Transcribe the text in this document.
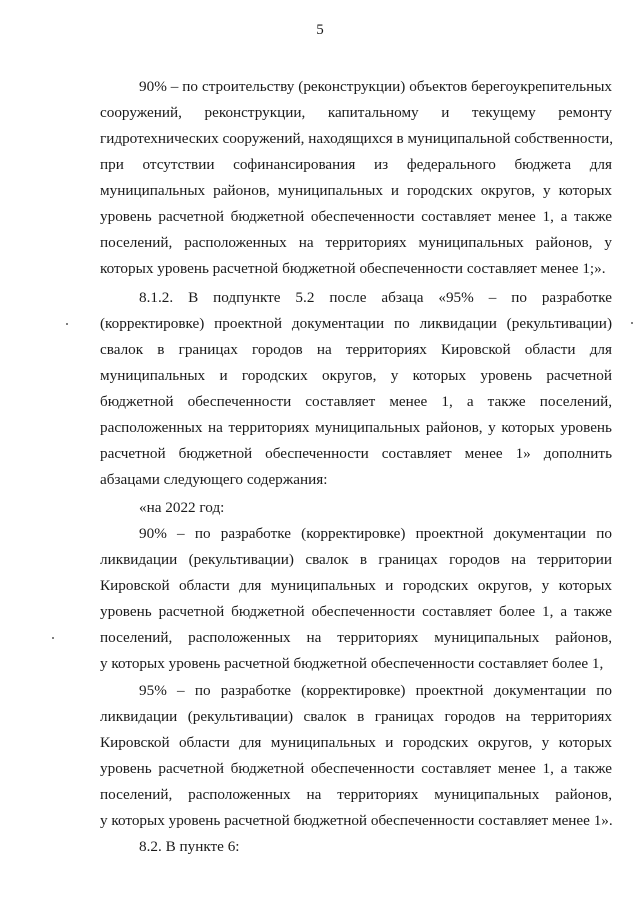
5
90% – по строительству (реконструкции) объектов берегоукрепительных
сооружений, реконструкции, капитальному и текущему ремонту
гидротехнических сооружений, находящихся в муниципальной собственности,
при отсутствии софинансирования из федерального бюджета для
муниципальных районов, муниципальных и городских округов, у которых
уровень расчетной бюджетной обеспеченности составляет менее 1, а также
поселений, расположенных на территориях муниципальных районов, у
которых уровень расчетной бюджетной обеспеченности составляет менее 1;».
8.1.2. В подпункте 5.2 после абзаца «95% – по разработке
(корректировке) проектной документации по ликвидации (рекультивации)
свалок в границах городов на территориях Кировской области для
муниципальных и городских округов, у которых уровень расчетной
бюджетной обеспеченности составляет менее 1, а также поселений,
расположенных на территориях муниципальных районов, у которых уровень
расчетной бюджетной обеспеченности составляет менее 1» дополнить
абзацами следующего содержания:
«на 2022 год:
90% – по разработке (корректировке) проектной документации по
ликвидации (рекультивации) свалок в границах городов на территории
Кировской области для муниципальных и городских округов, у которых
уровень расчетной бюджетной обеспеченности составляет более 1, а также
поселений, расположенных на территориях муниципальных районов,
у которых уровень расчетной бюджетной обеспеченности составляет более 1,
95% – по разработке (корректировке) проектной документации по
ликвидации (рекультивации) свалок в границах городов на территориях
Кировской области для муниципальных и городских округов, у которых
уровень расчетной бюджетной обеспеченности составляет менее 1, а также
поселений, расположенных на территориях муниципальных районов,
у которых уровень расчетной бюджетной обеспеченности составляет менее 1».
8.2. В пункте 6:
